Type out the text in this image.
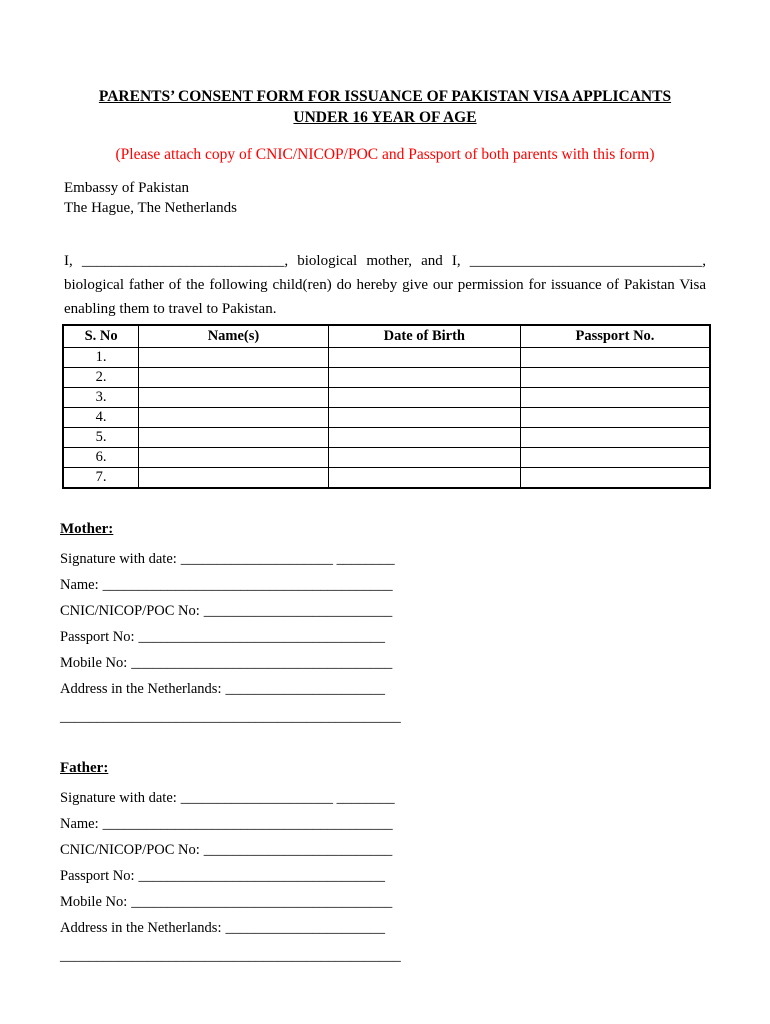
PARENTS’ CONSENT FORM FOR ISSUANCE OF PAKISTAN VISA APPLICANTS
UNDER 16 YEAR OF AGE
(Please attach copy of CNIC/NICOP/POC and Passport of both parents with this form)
Embassy of Pakistan
The Hague, The Netherlands
I, ___________________________, biological mother, and I, _______________________________, biological father of the following child(ren) do hereby give our permission for issuance of Pakistan Visa enabling them to travel to Pakistan.
S. No	Name(s)	Date of Birth	Passport No.
1.			
2.			
3.			
4.			
5.			
6.			
7.			
Mother:
Signature with date: _____________________ ________
Name: ________________________________________
CNIC/NICOP/POC No: __________________________
Passport No: __________________________________
Mobile No: ____________________________________
Address in the Netherlands: ______________________
_______________________________________________
Father:
Signature with date: _____________________ ________
Name: ________________________________________
CNIC/NICOP/POC No: __________________________
Passport No: __________________________________
Mobile No: ____________________________________
Address in the Netherlands: ______________________
_______________________________________________
